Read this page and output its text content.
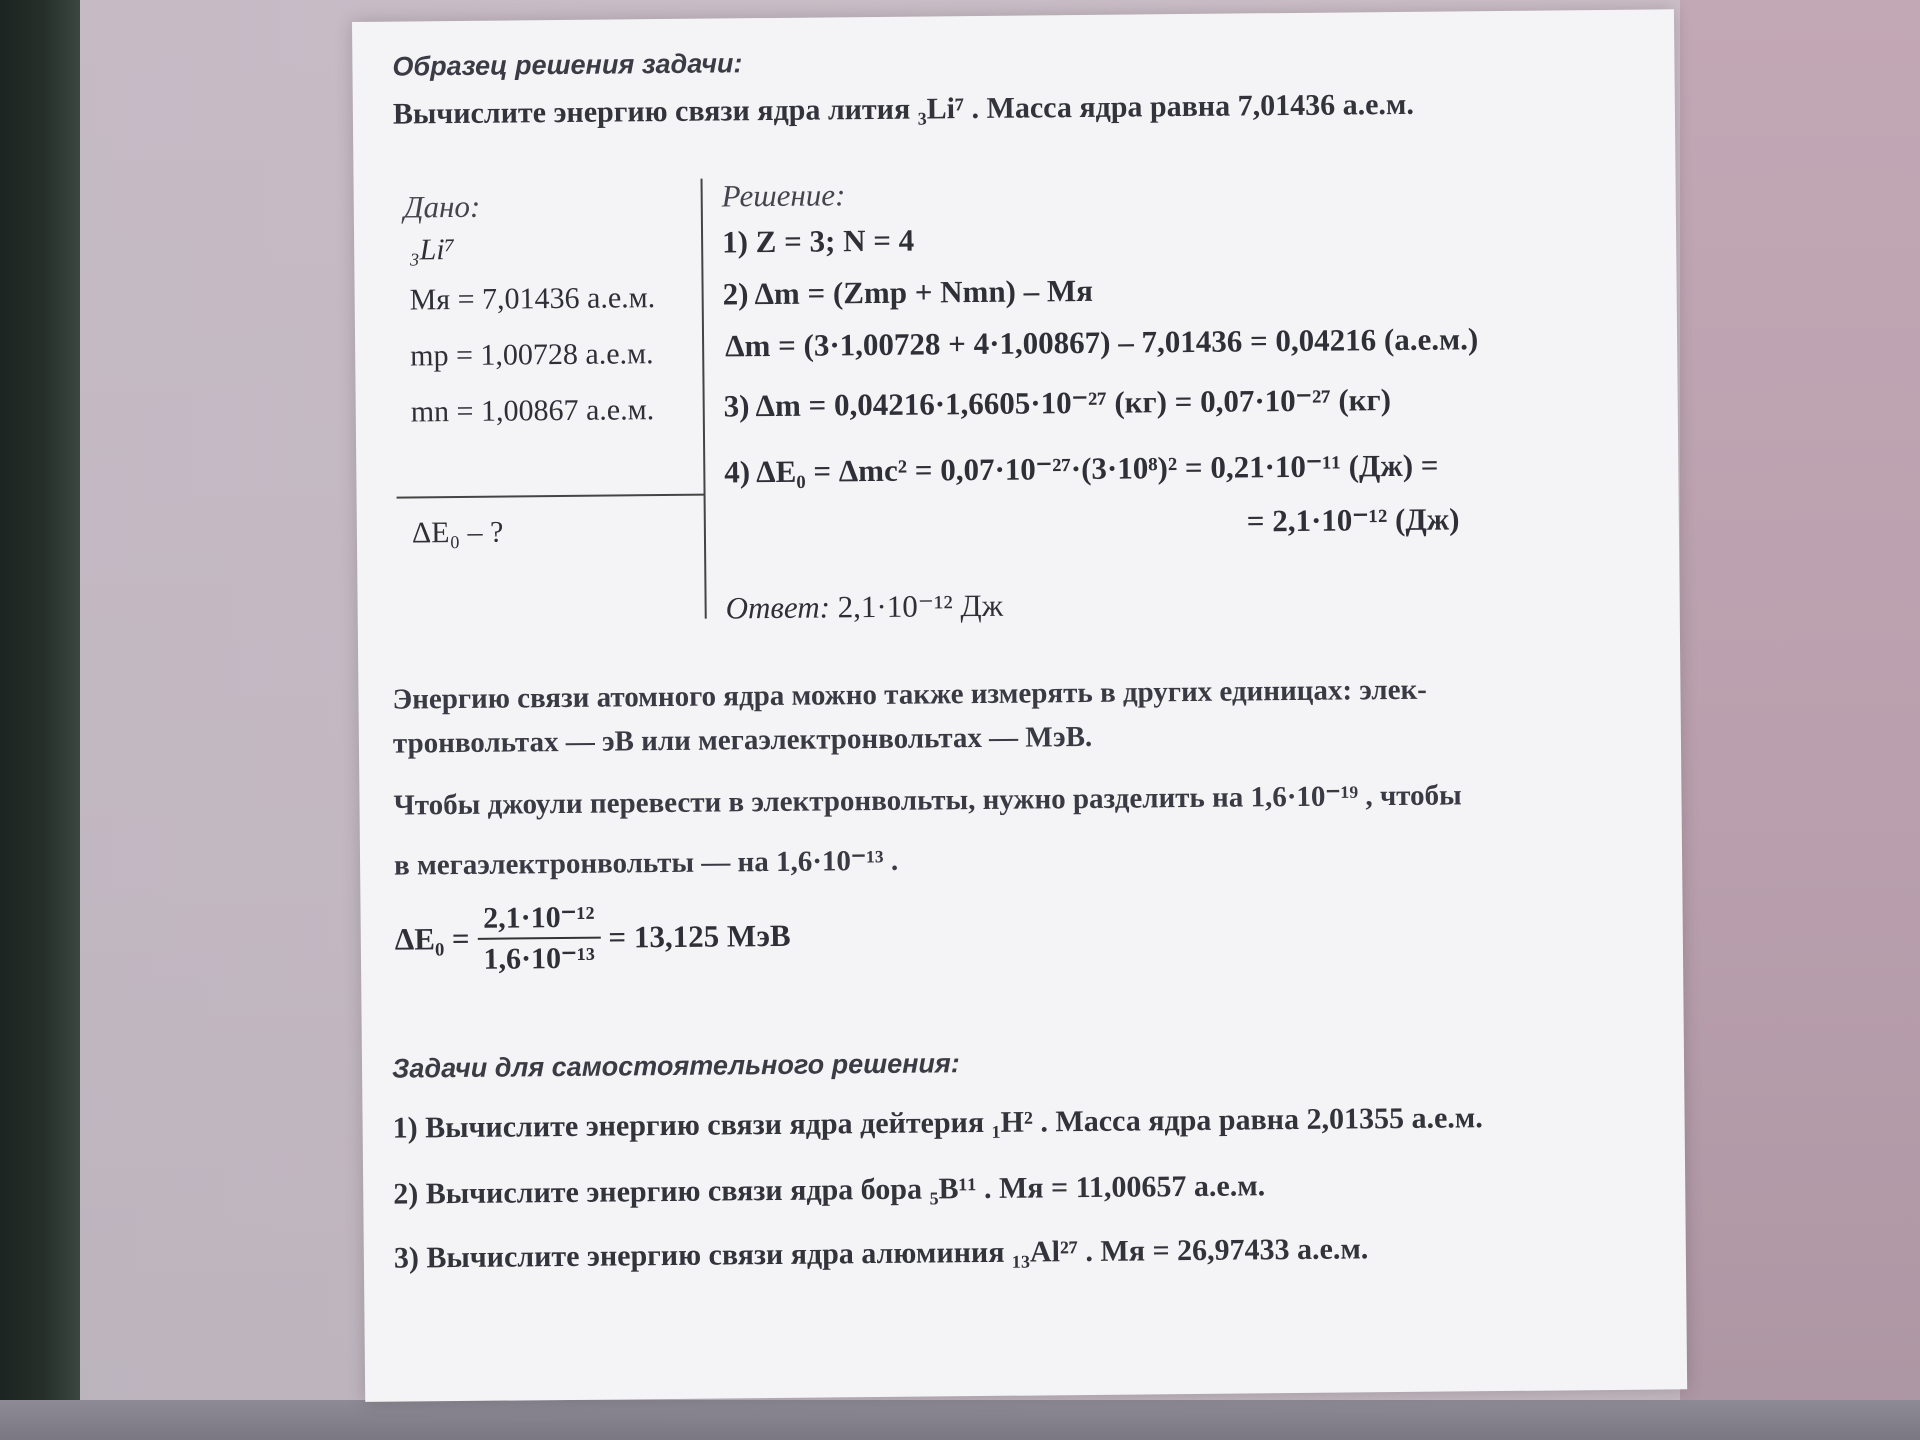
Образец решения задачи:
Вычислите энергию связи ядра лития ₃Li⁷ . Масса ядра равна 7,01436 а.е.м.
Дано:
₃Li⁷
Mя = 7,01436 а.е.м.
mp = 1,00728 а.е.м.
mn = 1,00867 а.е.м.
ΔE₀ – ?
Решение:
1) Z = 3; N = 4
2) Δm = (Zmp + Nmn) – Mя
Δm = (3·1,00728 + 4·1,00867) – 7,01436 = 0,04216 (а.е.м.)
3) Δm = 0,04216·1,6605·10⁻²⁷ (кг) = 0,07·10⁻²⁷ (кг)
4) ΔE₀ = Δmc² = 0,07·10⁻²⁷·(3·10⁸)² = 0,21·10⁻¹¹ (Дж) =
= 2,1·10⁻¹² (Дж)
Ответ: 2,1·10⁻¹² Дж
Энергию связи атомного ядра можно также измерять в других единицах: элек-
тронвольтах — эВ или мегаэлектронвольтах — МэВ.
Чтобы джоули перевести в электронвольты, нужно разделить на 1,6·10⁻¹⁹ , чтобы
в мегаэлектронвольты — на 1,6·10⁻¹³ .
$\Delta E_0 = \frac{\text{2,1·10⁻¹²}}{\text{1,6·10⁻¹³}} = 13,125$ МэВ
Задачи для самостоятельного решения:
1) Вычислите энергию связи ядра дейтерия ₁H² . Масса ядра равна 2,01355 а.е.м.
2) Вычислите энергию связи ядра бора ₅B¹¹ . Mя = 11,00657 а.е.м.
3) Вычислите энергию связи ядра алюминия ₁₃Al²⁷ . Mя = 26,97433 а.е.м.
